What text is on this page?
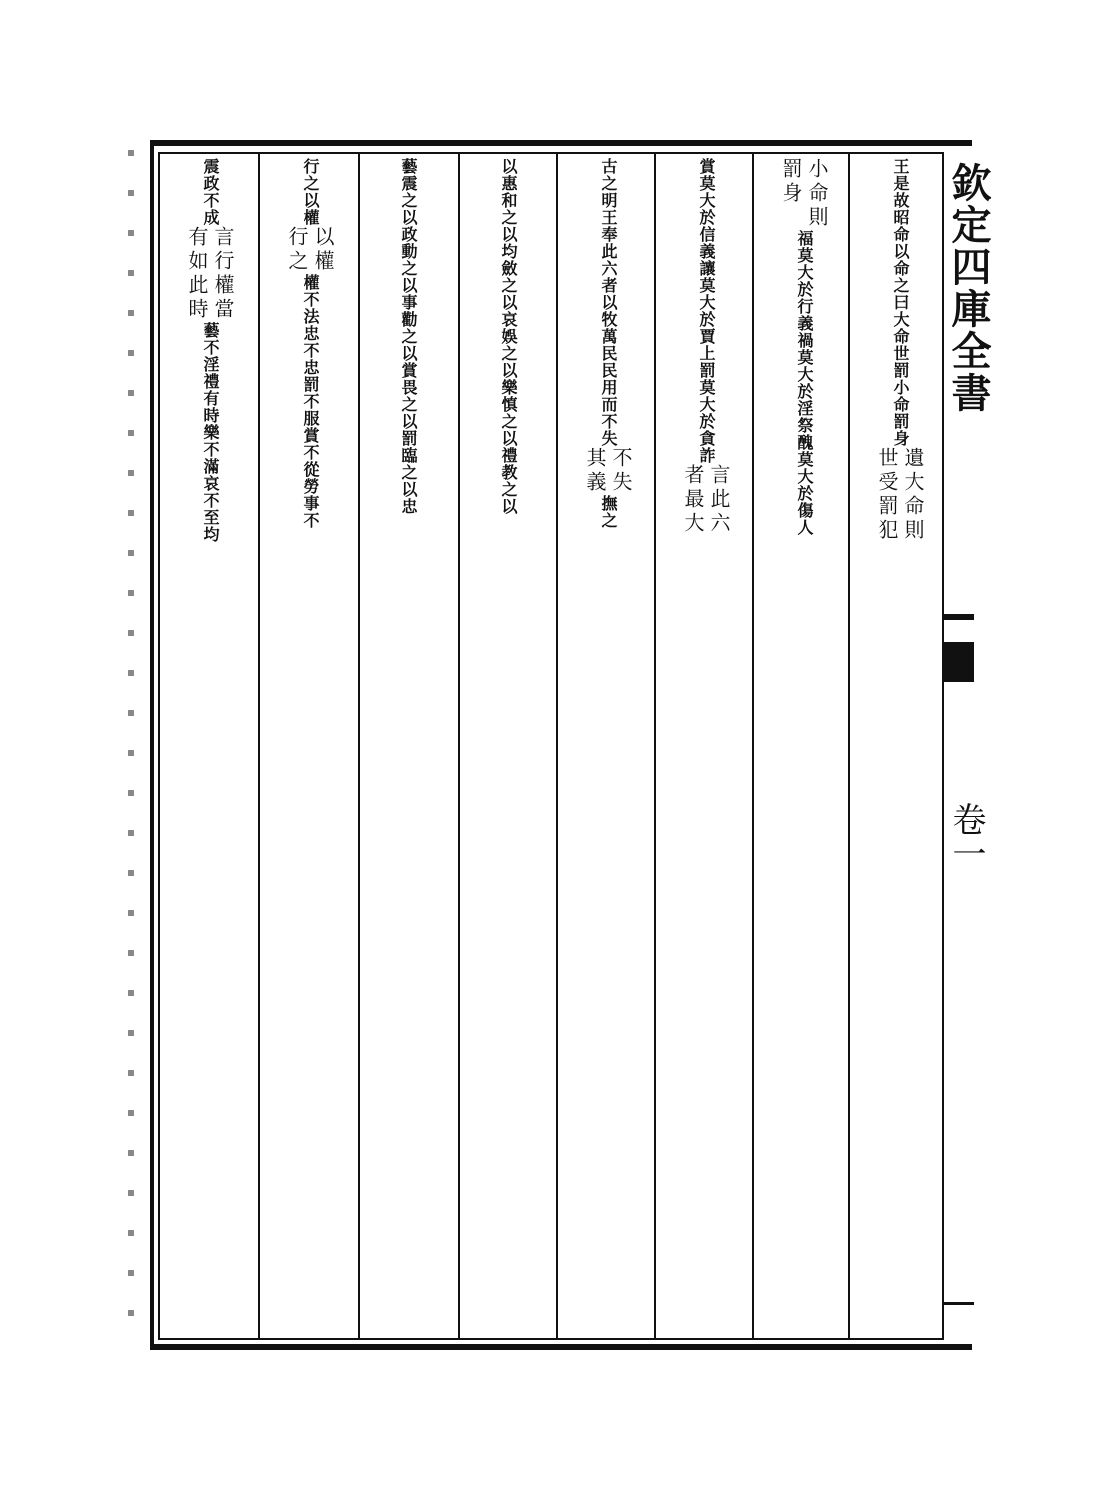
欽定四庫全書
卷一
王是故昭命以命之曰大命世罰小命罰身
遺大命則
世受罰犯
小命則
罰身
福莫大於行義禍莫大於淫祭醜莫大於傷人
賞莫大於信義讓莫大於賈上罰莫大於貪詐
言此六
者最大
古之明王奉此六者以牧萬民民用而不失
不失
其義
撫之
以惠和之以均斂之以哀娛之以樂慎之以禮教之以
藝震之以政動之以事勸之以賞畏之以罰臨之以忠
行之以權
以權
行之
權不法忠不忠罰不服賞不從勞事不
震政不成
言行權當
有如此時
藝不淫禮有時樂不滿哀不至均
